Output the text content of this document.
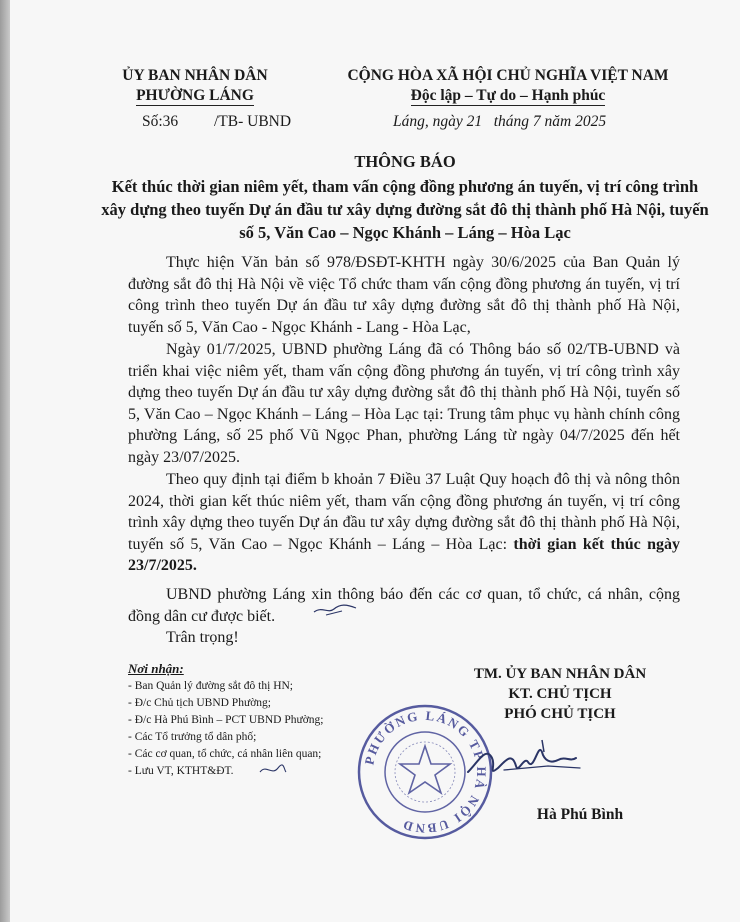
ỦY BAN NHÂN DÂN
PHƯỜNG LÁNG
CỘNG HÒA XÃ HỘI CHỦ NGHĨA VIỆT NAM
Độc lập – Tự do – Hạnh phúc
Số:36 /TB- UBND	Láng, ngày 21   tháng 7 năm 2025
THÔNG BÁO
Kết thúc thời gian niêm yết, tham vấn cộng đồng phương án tuyến, vị trí công trình xây dựng theo tuyến Dự án đầu tư xây dựng đường sắt đô thị thành phố Hà Nội, tuyến số 5, Văn Cao – Ngọc Khánh – Láng – Hòa Lạc

Thực hiện Văn bản số 978/ĐSĐT-KHTH ngày 30/6/2025 của Ban Quản lý đường sắt đô thị Hà Nội về việc Tổ chức tham vấn cộng đồng phương án tuyến, vị trí công trình theo tuyến Dự án đầu tư xây dựng đường sắt đô thị thành phố Hà Nội, tuyến số 5, Văn Cao - Ngọc Khánh - Lang - Hòa Lạc,

Ngày 01/7/2025, UBND phường Láng đã có Thông báo số 02/TB-UBND và triển khai việc niêm yết, tham vấn cộng đồng phương án tuyến, vị trí công trình xây dựng theo tuyến Dự án đầu tư xây dựng đường sắt đô thị thành phố Hà Nội, tuyến số 5, Văn Cao – Ngọc Khánh – Láng – Hòa Lạc tại: Trung tâm phục vụ hành chính công phường Láng, số 25 phố Vũ Ngọc Phan, phường Láng từ ngày 04/7/2025 đến hết ngày 23/07/2025.

Theo quy định tại điểm b khoản 7 Điều 37 Luật Quy hoạch đô thị và nông thôn 2024, thời gian kết thúc niêm yết, tham vấn cộng đồng phương án tuyến, vị trí công trình xây dựng theo tuyến Dự án đầu tư xây dựng đường sắt đô thị thành phố Hà Nội, tuyến số 5, Văn Cao – Ngọc Khánh – Láng – Hòa Lạc: thời gian kết thúc ngày 23/7/2025.

UBND phường Láng xin thông báo đến các cơ quan, tổ chức, cá nhân, cộng đồng dân cư được biết.

Trân trọng!

Nơi nhận:
- Ban Quản lý đường sắt đô thị HN;
- Đ/c Chủ tịch UBND Phường;
- Đ/c Hà Phú Bình – PCT UBND Phường;
- Các Tổ trưởng tổ dân phố;
- Các cơ quan, tổ chức, cá nhân liên quan;
- Lưu VT, KTHT&ĐT.
TM. ỦY BAN NHÂN DÂN
KT. CHỦ TỊCH
PHÓ CHỦ TỊCH
PHƯỜNG LÁNG TP HÀ NỘI UBND
Hà Phú Bình
